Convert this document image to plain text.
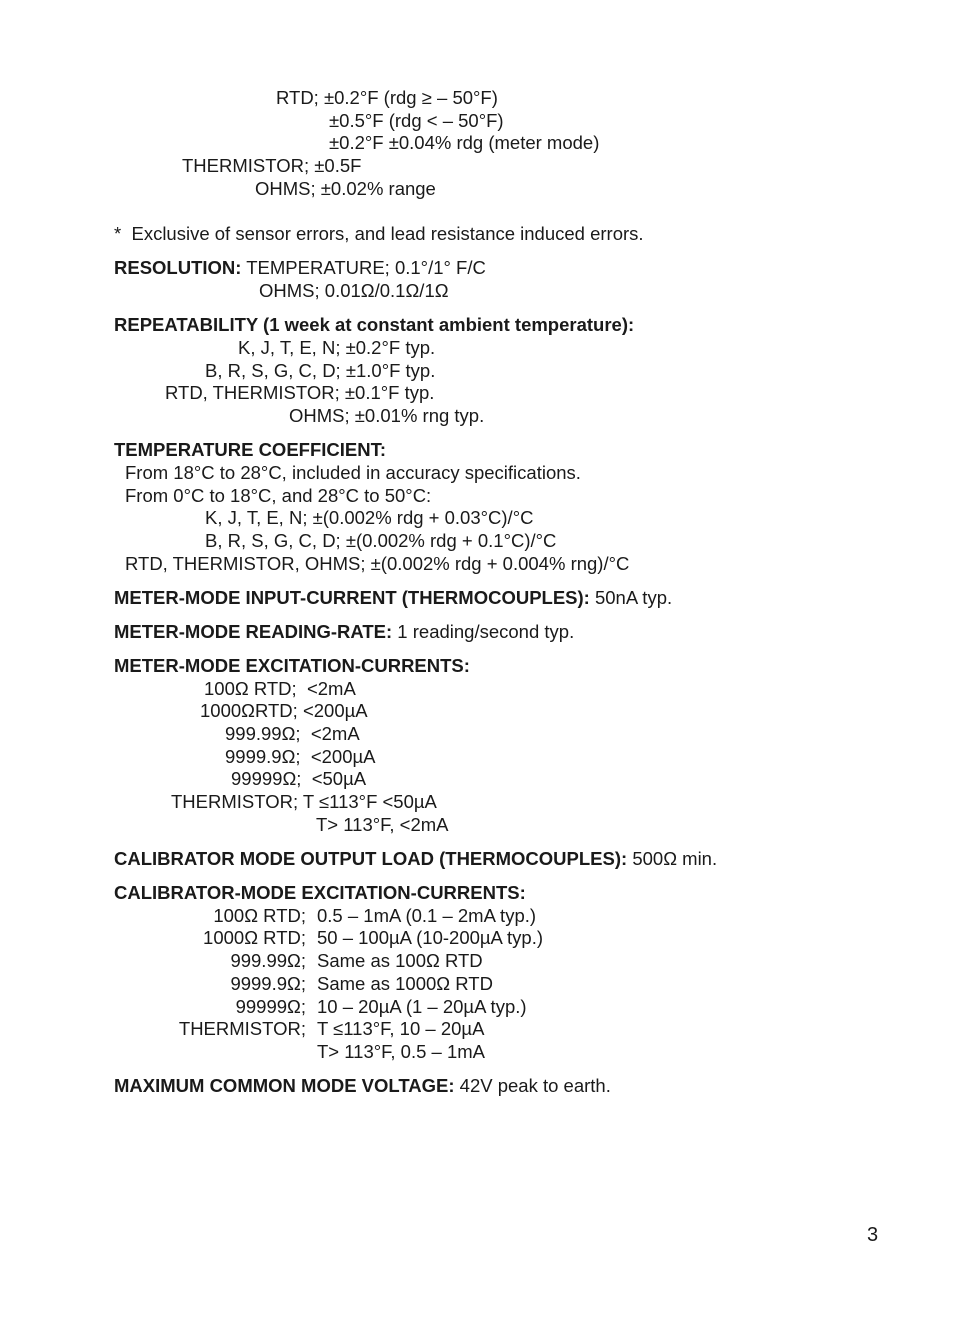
RTD; ±0.2°F (rdg ≥ – 50°F)
±0.5°F (rdg < – 50°F)
±0.2°F ±0.04% rdg (meter mode)
THERMISTOR; ±0.5F
OHMS; ±0.02% range
*  Exclusive of sensor errors, and lead resistance induced errors.
RESOLUTION: TEMPERATURE; 0.1°/1° F/C
OHMS; 0.01Ω/0.1Ω/1Ω
REPEATABILITY (1 week at constant ambient temperature):
K, J, T, E, N; ±0.2°F typ.
B, R, S, G, C, D; ±1.0°F typ.
RTD, THERMISTOR; ±0.1°F typ.
OHMS; ±0.01% rng typ.
TEMPERATURE COEFFICIENT:
From 18°C to 28°C, included in accuracy specifications.
From 0°C to 18°C, and 28°C to 50°C:
K, J, T, E, N; ±(0.002% rdg + 0.03°C)/°C
B, R, S, G, C, D; ±(0.002% rdg + 0.1°C)/°C
RTD, THERMISTOR, OHMS; ±(0.002% rdg + 0.004% rng)/°C
METER-MODE INPUT-CURRENT (THERMOCOUPLES): 50nA typ.
METER-MODE READING-RATE: 1 reading/second typ.
METER-MODE EXCITATION-CURRENTS:
100Ω RTD;  <2mA
1000ΩRTD; <200µA
999.99Ω;  <2mA
9999.9Ω;  <200µA
99999Ω;  <50µA
THERMISTOR; T ≤113°F <50µA
T> 113°F, <2mA
CALIBRATOR MODE OUTPUT LOAD (THERMOCOUPLES): 500Ω min.
CALIBRATOR-MODE EXCITATION-CURRENTS:
100Ω RTD; 0.5 – 1mA (0.1 – 2mA typ.)
1000Ω RTD; 50 – 100µA (10-200µA typ.)
999.99Ω; Same as 100Ω RTD
9999.9Ω; Same as 1000Ω RTD
99999Ω; 10 – 20µA (1 – 20µA typ.)
THERMISTOR; T ≤113°F, 10 – 20µA
T> 113°F, 0.5 – 1mA
MAXIMUM COMMON MODE VOLTAGE: 42V peak to earth.
3
